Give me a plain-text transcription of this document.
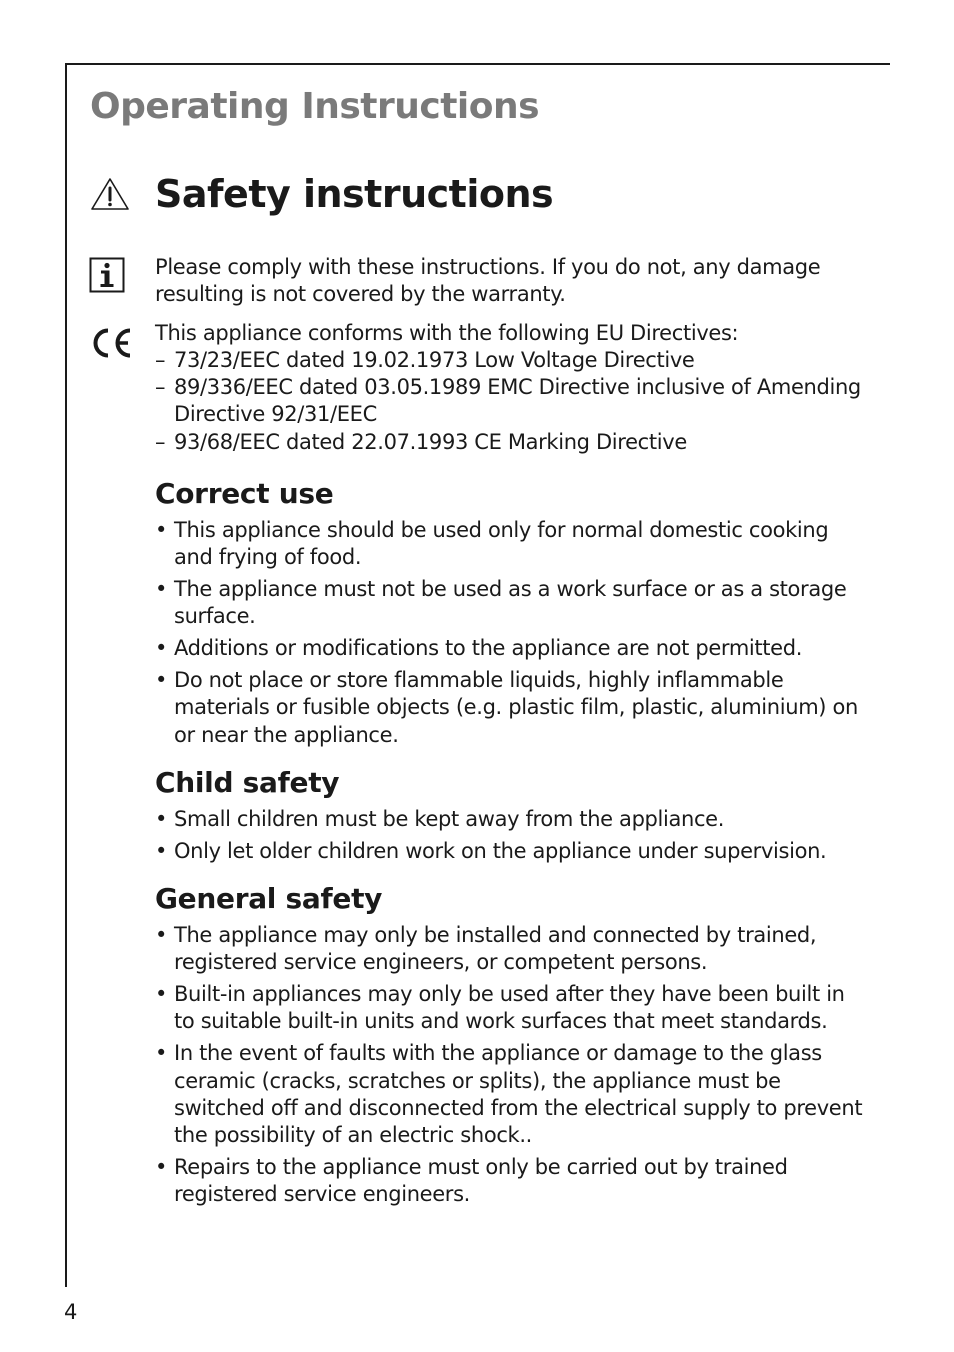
Operating Instructions
Safety instructions

Please comply with these instructions. If you do not, any damage resulting is not covered by the warranty.

This appliance conforms with the following EU Directives:

– 73/23/EEC dated 19.02.1973 Low Voltage Directive
– 89/336/EEC dated 03.05.1989 EMC Directive inclusive of Amending Directive 92/31/EEC
– 93/68/EEC dated 22.07.1993 CE Marking Directive
Correct use
• This appliance should be used only for normal domestic cooking and frying of food.
• The appliance must not be used as a work surface or as a storage surface.
• Additions or modifications to the appliance are not permitted.
• Do not place or store flammable liquids, highly inflammable materials or fusible objects (e.g. plastic film, plastic, aluminium) on or near the appliance.
Child safety
• Small children must be kept away from the appliance.
• Only let older children work on the appliance under supervision.
General safety
• The appliance may only be installed and connected by trained, registered service engineers, or competent persons.
• Built-in appliances may only be used after they have been built in to suitable built-in units and work surfaces that meet standards.
• In the event of faults with the appliance or damage to the glass ceramic (cracks, scratches or splits), the appliance must be switched off and disconnected from the electrical supply to prevent the possibility of an electric shock..
• Repairs to the appliance must only be carried out by trained registered service engineers.
4
